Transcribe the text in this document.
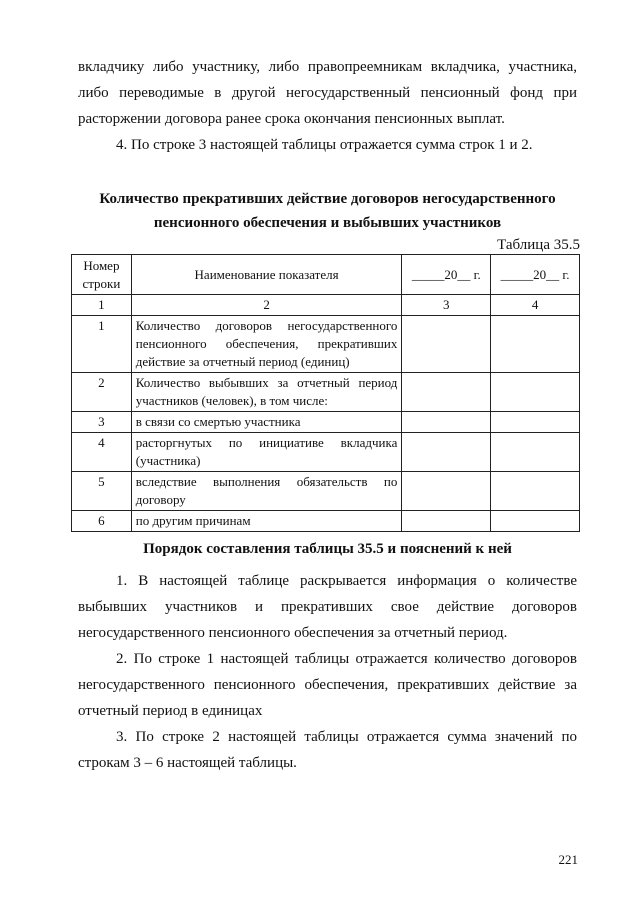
вкладчику либо участнику, либо правопреемникам вкладчика, участника,
либо переводимые в другой негосударственный пенсионный фонд при
расторжении договора ранее срока окончания пенсионных выплат.
4. По строке 3 настоящей таблицы отражается сумма строк 1 и 2.

Количество прекративших действие договоров негосударственного

пенсионного обеспечения и выбывших участников

Таблица 35.5
Номер
строки	Наименование показателя	_____20__ г.	_____20__ г.
1	2	3	4
1	Количество договоров негосударственного
пенсионного обеспечения, прекративших
действие за отчетный период (единиц)		

2	Количество выбывших за отчетный период
участников (человек), в том числе:		

3	в связи со смертью участника		

4	расторгнутых по инициативе вкладчика
(участника)		

5	вследствие выполнения обязательств по
договору		

6	по другим причинам		

Порядок составления таблицы 35.5 и пояснений к ней

1. В настоящей таблице раскрывается информация о количестве
выбывших участников и прекративших свое действие договоров
негосударственного пенсионного обеспечения за отчетный период.
2. По строке 1 настоящей таблицы отражается количество договоров
негосударственного пенсионного обеспечения, прекративших действие за
отчетный период в единицах
3. По строке 2 настоящей таблицы отражается сумма значений по
строкам 3 – 6 настоящей таблицы.
221
